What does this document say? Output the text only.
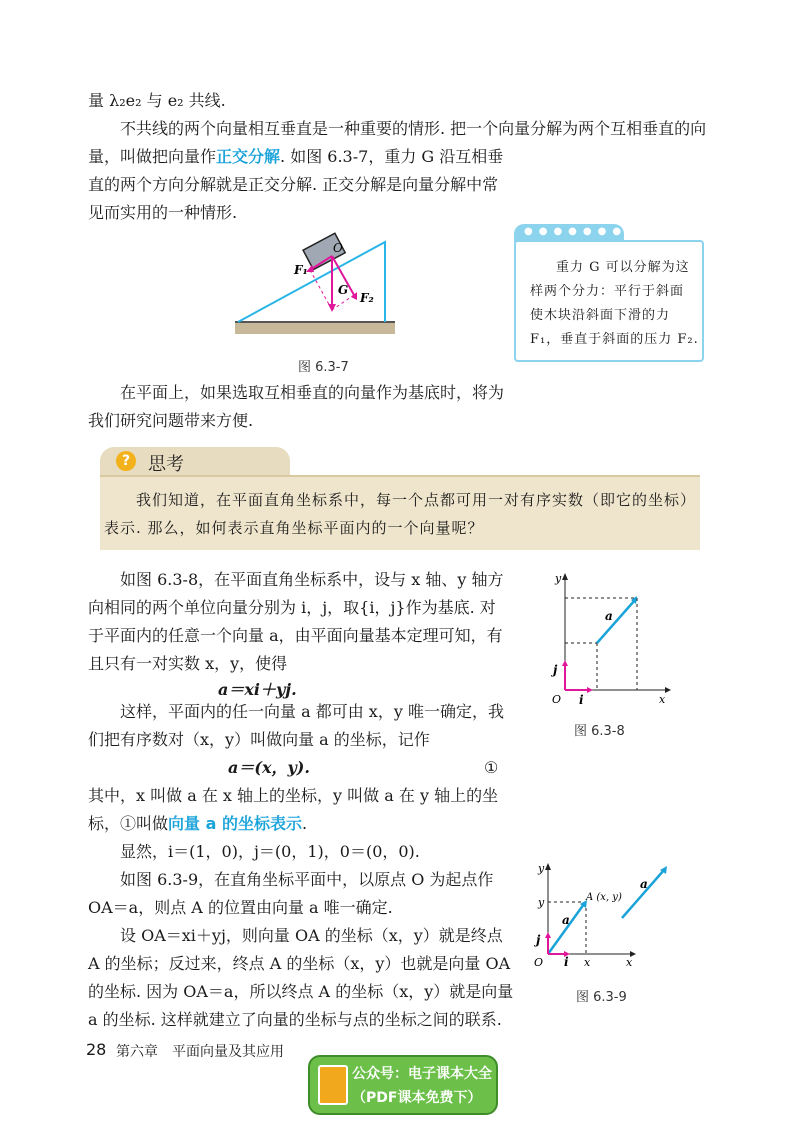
量 λ₂e₂ 与 e₂ 共线.
不共线的两个向量相互垂直是一种重要的情形. 把一个向量分解为两个互相垂直的向
量，叫做把向量作正交分解. 如图 6.3-7，重力 G 沿互相垂
直的两个方向分解就是正交分解. 正交分解是向量分解中常
见而实用的一种情形.
O
F₁
G
F₂
图 6.3-7
●●●●●●●●
重力 G 可以分解为这
样两个分力：平行于斜面
使木块沿斜面下滑的力
F₁，垂直于斜面的压力 F₂.
在平面上，如果选取互相垂直的向量作为基底时，将为
我们研究问题带来方便.
? 思考
我们知道，在平面直角坐标系中，每一个点都可用一对有序实数（即它的坐标）
表示. 那么，如何表示直角坐标平面内的一个向量呢？
如图 6.3-8，在平面直角坐标系中，设与 x 轴、y 轴方
向相同的两个单位向量分别为 i，j，取{i，j}作为基底. 对
于平面内的任意一个向量 a，由平面向量基本定理可知，有
且只有一对实数 x，y，使得
a＝xi＋yj.
y
x
O
a
i
j
图 6.3-8
这样，平面内的任一向量 a 都可由 x，y 唯一确定，我
们把有序数对（x，y）叫做向量 a 的坐标，记作
a＝(x，y).	①
其中，x 叫做 a 在 x 轴上的坐标，y 叫做 a 在 y 轴上的坐
标，①叫做向量 a 的坐标表示.
显然，i＝(1，0)，j＝(0，1)，0＝(0，0).
如图 6.3-9，在直角坐标平面中，以原点 O 为起点作
OA＝a，则点 A 的位置由向量 a 唯一确定.
设 OA＝xi＋yj，则向量 OA 的坐标（x，y）就是终点
A 的坐标；反过来，终点 A 的坐标（x，y）也就是向量 OA
的坐标. 因为 OA＝a，所以终点 A 的坐标（x，y）就是向量
a 的坐标. 这样就建立了向量的坐标与点的坐标之间的联系.
y
x
O
A (x, y)
a
a
i
j
x
y
图 6.3-9
28 第六章　平面向量及其应用
公众号：电子课本大全
（PDF课本免费下）
